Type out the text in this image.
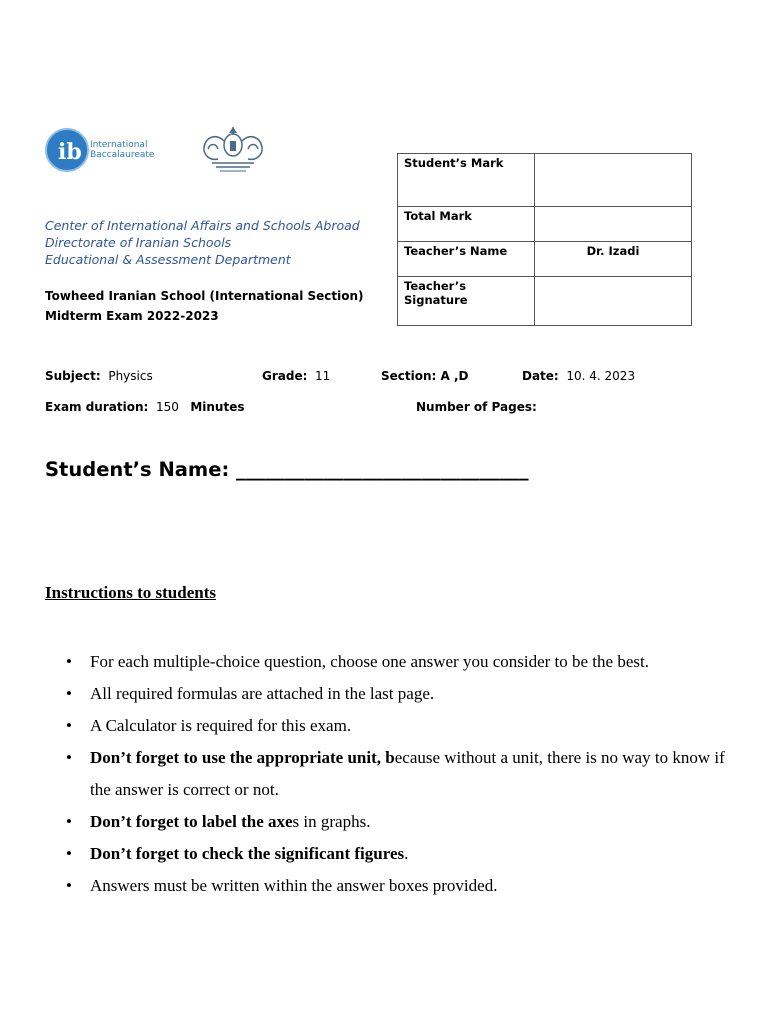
ib International
Baccalaureate
Center of International Affairs and Schools Abroad
Directorate of Iranian Schools
Educational & Assessment Department
Towheed Iranian School (International Section)
Midterm Exam 2022-2023
Student’s Mark	
Total Mark	
Teacher’s Name	Dr. Izadi
Teacher’s Signature	
Subject: Physics	Grade: 11	Section: A ,D	Date: 10. 4. 2023
Exam duration: 150 Minutes	Number of Pages:
Student’s Name: ______________________________
Instructions to students
• For each multiple-choice question, choose one answer you consider to be the best.
• All required formulas are attached in the last page.
• A Calculator is required for this exam.
• Don’t forget to use the appropriate unit, because without a unit, there is no way to know if the answer is correct or not.
• Don’t forget to label the axes in graphs.
• Don’t forget to check the significant figures.
• Answers must be written within the answer boxes provided.
